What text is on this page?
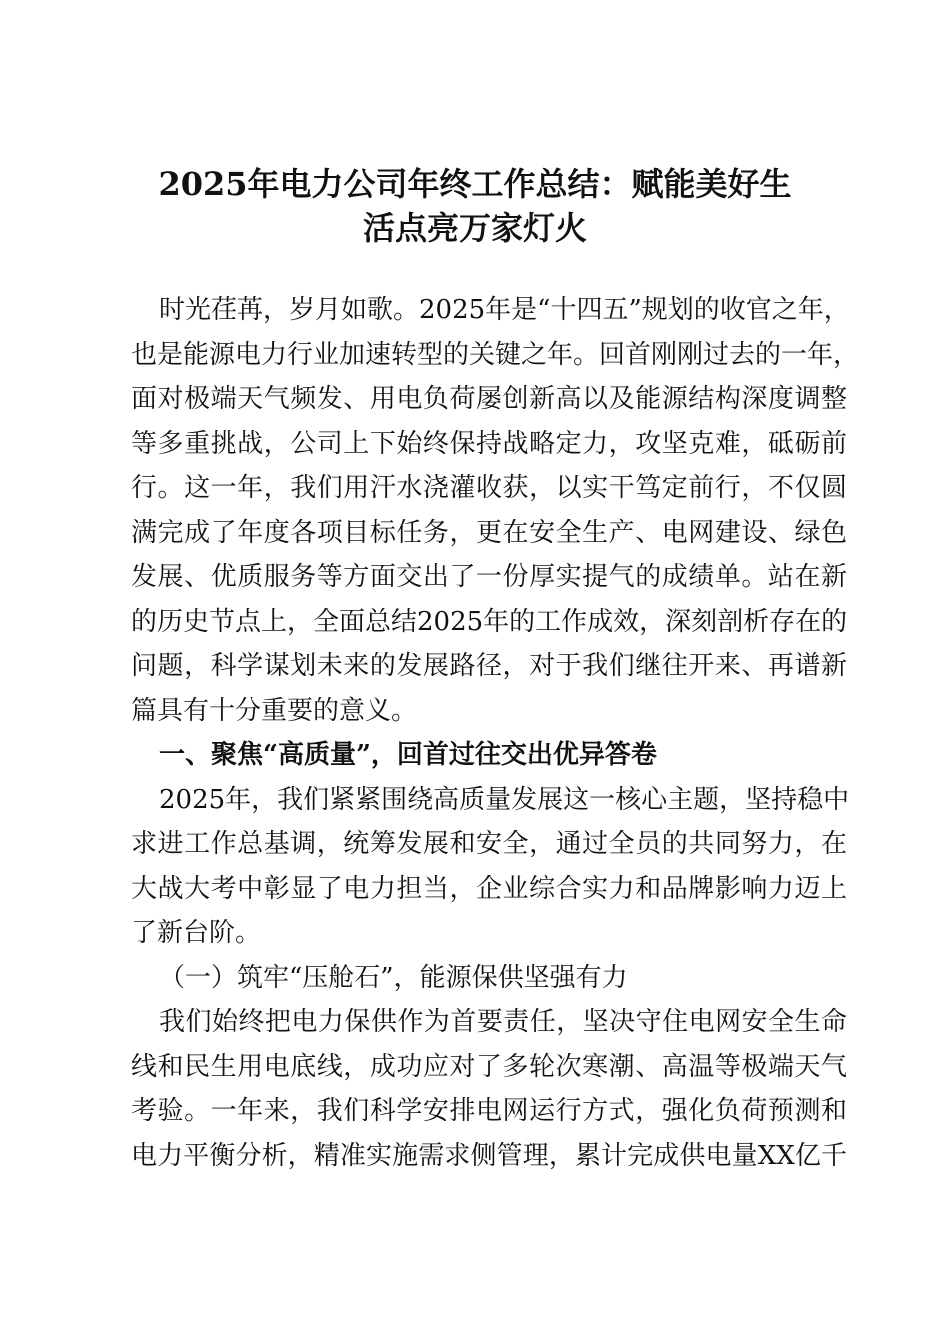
2025年电力公司年终工作总结：赋能美好生
活点亮万家灯火
时光荏苒，岁月如歌。2025年是“十四五”规划的收官之年，
也是能源电力行业加速转型的关键之年。回首刚刚过去的一年，
面对极端天气频发、用电负荷屡创新高以及能源结构深度调整
等多重挑战，公司上下始终保持战略定力，攻坚克难，砥砺前
行。这一年，我们用汗水浇灌收获，以实干笃定前行，不仅圆
满完成了年度各项目标任务，更在安全生产、电网建设、绿色
发展、优质服务等方面交出了一份厚实提气的成绩单。站在新
的历史节点上，全面总结2025年的工作成效，深刻剖析存在的
问题，科学谋划未来的发展路径，对于我们继往开来、再谱新
篇具有十分重要的意义。
一、聚焦“高质量”，回首过往交出优异答卷
2025年，我们紧紧围绕高质量发展这一核心主题，坚持稳中
求进工作总基调，统筹发展和安全，通过全员的共同努力，在
大战大考中彰显了电力担当，企业综合实力和品牌影响力迈上
了新台阶。
（一）筑牢“压舱石”，能源保供坚强有力
我们始终把电力保供作为首要责任，坚决守住电网安全生命
线和民生用电底线，成功应对了多轮次寒潮、高温等极端天气
考验。一年来，我们科学安排电网运行方式，强化负荷预测和
电力平衡分析，精准实施需求侧管理，累计完成供电量XX亿千
